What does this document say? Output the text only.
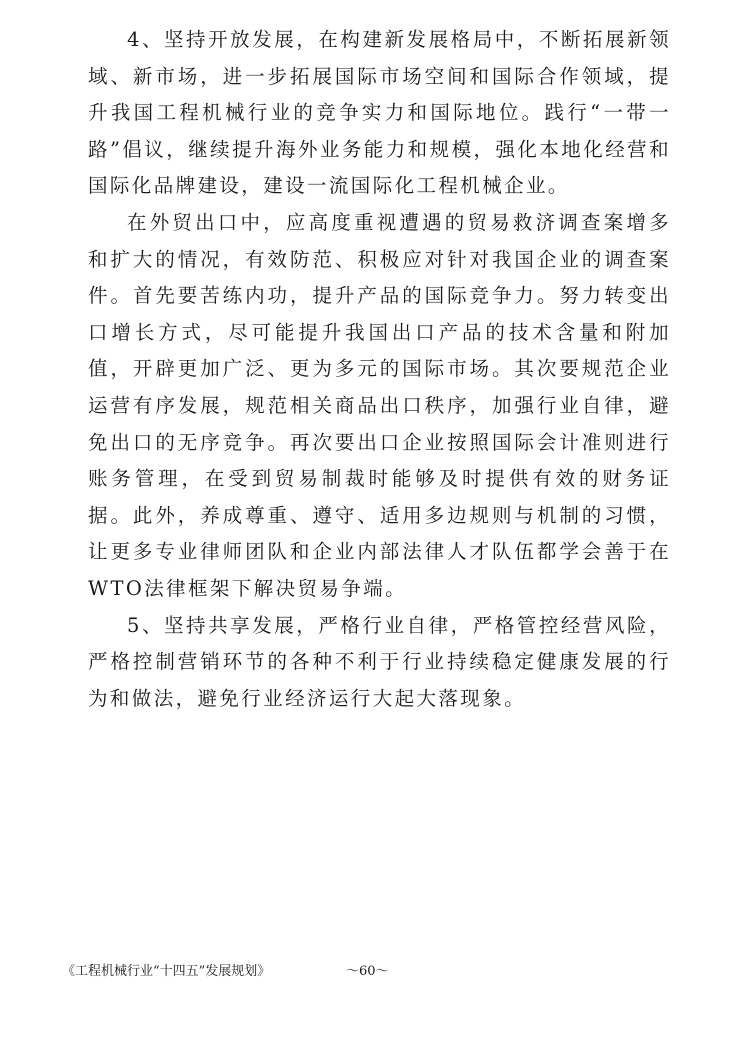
4、坚持开放发展，在构建新发展格局中，不断拓展新领域、新市场，进一步拓展国际市场空间和国际合作领域，提升我国工程机械行业的竞争实力和国际地位。践行“一带一路”倡议，继续提升海外业务能力和规模，强化本地化经营和国际化品牌建设，建设一流国际化工程机械企业。

在外贸出口中，应高度重视遭遇的贸易救济调查案增多和扩大的情况，有效防范、积极应对针对我国企业的调查案件。首先要苦练内功，提升产品的国际竞争力。努力转变出口增长方式，尽可能提升我国出口产品的技术含量和附加值，开辟更加广泛、更为多元的国际市场。其次要规范企业运营有序发展，规范相关商品出口秩序，加强行业自律，避免出口的无序竞争。再次要出口企业按照国际会计准则进行账务管理，在受到贸易制裁时能够及时提供有效的财务证据。此外，养成尊重、遵守、适用多边规则与机制的习惯，让更多专业律师团队和企业内部法律人才队伍都学会善于在WTO法律框架下解决贸易争端。

5、坚持共享发展，严格行业自律，严格管控经营风险，严格控制营销环节的各种不利于行业持续稳定健康发展的行为和做法，避免行业经济运行大起大落现象。

《工程机械行业“十四五”发展规划》	～60～
